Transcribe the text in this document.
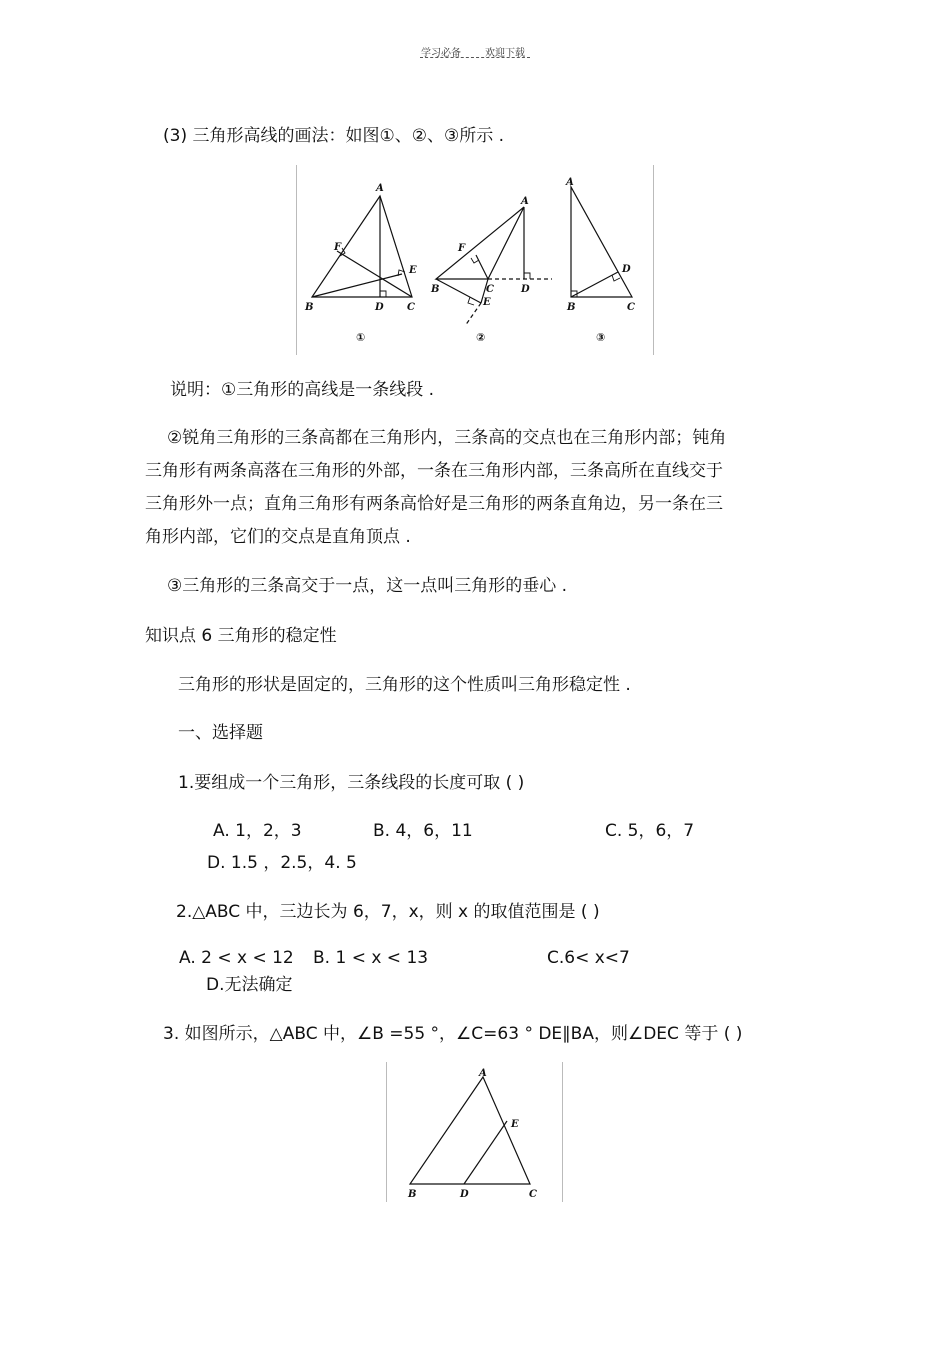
学习必备 欢迎下载
(3) 三角形高线的画法：如图①、②、③所示 .
A
B	C
D
E
F
①
A
B	C	D
E
F
②
A
B	C
D
③
说明：①三角形的高线是一条线段 .
②锐角三角形的三条高都在三角形内，三条高的交点也在三角形内部；钝角
三角形有两条高落在三角形的外部，一条在三角形内部，三条高所在直线交于
三角形外一点；直角三角形有两条高恰好是三角形的两条直角边，另一条在三
角形内部，它们的交点是直角顶点 .
③三角形的三条高交于一点，这一点叫三角形的垂心 .
知识点 6 三角形的稳定性
三角形的形状是固定的，三角形的这个性质叫三角形稳定性 .
一、选择题
1.要组成一个三角形，三条线段的长度可取 ( )
A. 1，2，3	B. 4，6，11	C. 5，6，7
D. 1.5 ，2.5，4. 5
2.△ABC 中，三边长为 6，7，x，则 x 的取值范围是 ( )
A. 2 < x < 12 B. 1 < x < 13	C.6< x<7
D.无法确定
3. 如图所示，△ABC 中，∠B =55 °，∠C=63 ° DE∥BA，则∠DEC 等于 ( )
A
B	C
D
E
